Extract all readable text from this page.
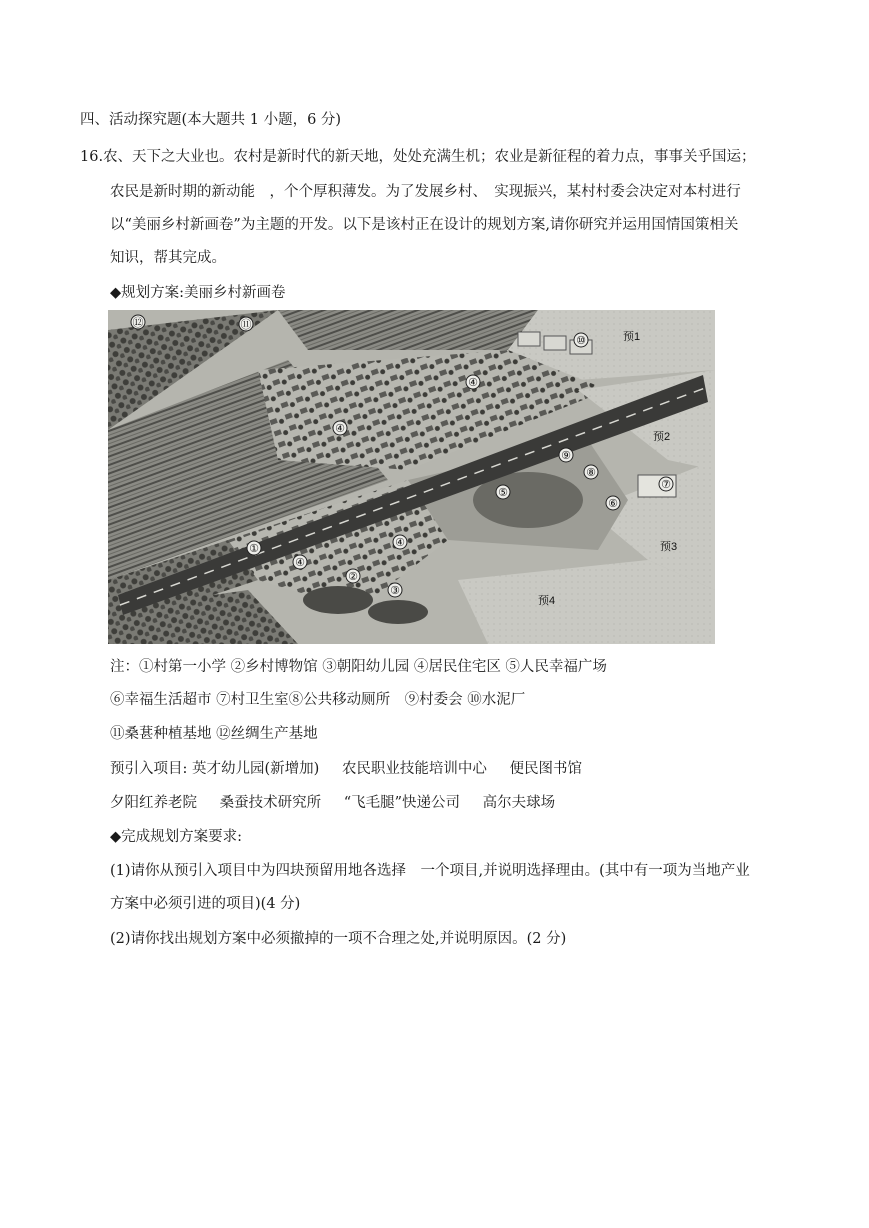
四、活动探究题(本大题共 1 小题，6 分)
16.农、天下之大业也。农村是新时代的新天地，处处充满生机；农业是新征程的着力点，事事关乎国运；
农民是新时期的新动能　，个个厚积薄发。为了发展乡村、　实现振兴，某村村委会决定对本村进行
以“美丽乡村新画卷”为主题的开发。以下是该村正在设计的规划方案,请你研究并运用国情国策相关
知识，帮其完成。
◆规划方案:美丽乡村新画卷
⑫	⑪
⑩
④
④
⑨
⑧
⑦
⑤
⑥
①	④
④
②
③
预1
预2
预3
预4
注：①村第一小学 ②乡村博物馆 ③朝阳幼儿园 ④居民住宅区 ⑤人民幸福广场
⑥幸福生活超市 ⑦村卫生室⑧公共移动厕所　⑨村委会 ⑩水泥厂
⑪桑葚种植基地 ⑫丝绸生产基地
预引入项目: 英才幼儿园(新增加) 农民职业技能培训中心 便民图书馆
夕阳红养老院 桑蚕技术研究所 “飞毛腿”快递公司 高尔夫球场
◆完成规划方案要求:
(1)请你从预引入项目中为四块预留用地各选择　一个项目,并说明选择理由。(其中有一项为当地产业
方案中必须引进的项目)(4 分)
(2)请你找出规划方案中必须撤掉的一项不合理之处,并说明原因。(2 分)
